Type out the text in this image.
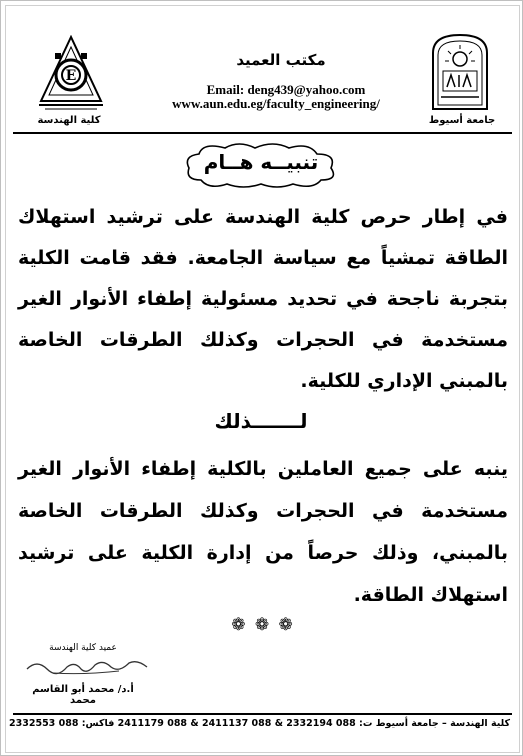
E
كلية الهندسة	جامعة أسيوط
مكتب العميد
Email: deng439@yahoo.com
www.aun.edu.eg/faculty_engineering/
تنبيــه هــام
في إطار حرص كلية الهندسة على ترشيد استهلاك الطاقة تمشياً مع سياسة الجامعة. فقد قامت الكلية بتجربة ناجحة في تحديد مسئولية إطفاء الأنوار الغير مستخدمة في الحجرات وكذلك الطرقات الخاصة بالمبني الإداري للكلية.
لـــــــذلك
ينبه على جميع العاملين بالكلية إطفاء الأنوار الغير مستخدمة في الحجرات وكذلك الطرقات الخاصة بالمبني، وذلك حرصاً من إدارة الكلية على ترشيد استهلاك الطاقة.
❁ ❁ ❁
عميد كلية الهندسة
أ.د/ محمد أبو القاسم محمد
كلية الهندسة – جامعة أسيوط ت: 088 2332194 & 088 2411137 & 088 2411179 فاكس: 088 2332553
